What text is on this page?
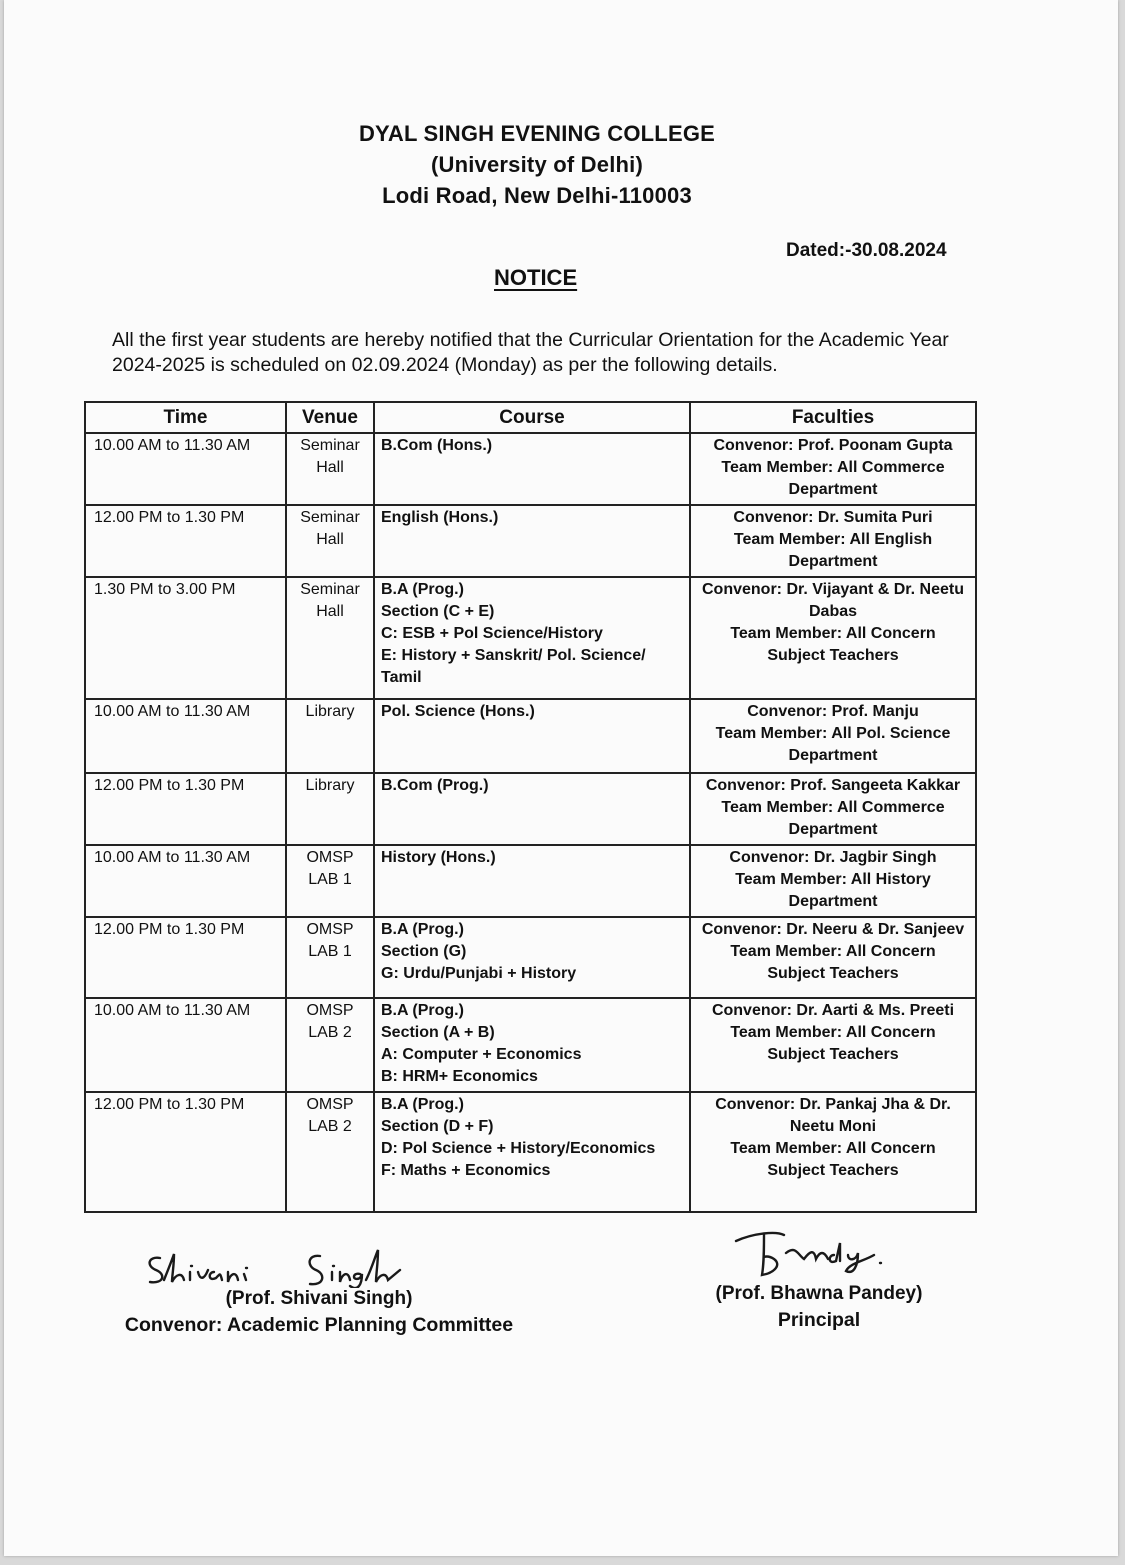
DYAL SINGH EVENING COLLEGE
(University of Delhi)
Lodi Road, New Delhi-110003
Dated:-30.08.2024
NOTICE
All the first year students are hereby notified that the Curricular Orientation for the Academic Year 2024-2025 is scheduled on 02.09.2024 (Monday) as per the following details.
Time	Venue	Course	Faculties
10.00 AM to 11.30 AM	Seminar
Hall	B.Com (Hons.)	Convenor: Prof. Poonam Gupta
Team Member: All Commerce
Department

12.00 PM to 1.30 PM	Seminar
Hall	English (Hons.)	Convenor: Dr. Sumita Puri
Team Member: All English
Department

1.30 PM to 3.00 PM	Seminar
Hall	B.A (Prog.)
Section (C + E)
C: ESB + Pol Science/History
E: History + Sanskrit/ Pol. Science/
Tamil	Convenor: Dr. Vijayant & Dr. Neetu
Dabas
Team Member: All Concern
Subject Teachers

10.00 AM to 11.30 AM	Library	Pol. Science (Hons.)	Convenor: Prof. Manju
Team Member: All Pol. Science
Department

12.00 PM to 1.30 PM	Library	B.Com (Prog.)	Convenor: Prof. Sangeeta Kakkar
Team Member: All Commerce
Department

10.00 AM to 11.30 AM	OMSP
LAB 1	History (Hons.)	Convenor: Dr. Jagbir Singh
Team Member: All History
Department

12.00 PM to 1.30 PM	OMSP
LAB 1	B.A (Prog.)
Section (G)
G: Urdu/Punjabi + History	Convenor: Dr. Neeru & Dr. Sanjeev
Team Member: All Concern
Subject Teachers

10.00 AM to 11.30 AM	OMSP
LAB 2	B.A (Prog.)
Section (A + B)
A: Computer + Economics
B: HRM+ Economics	Convenor: Dr. Aarti & Ms. Preeti
Team Member: All Concern
Subject Teachers

12.00 PM to 1.30 PM	OMSP
LAB 2	B.A (Prog.)
Section (D + F)
D: Pol Science + History/Economics
F: Maths + Economics	Convenor: Dr. Pankaj Jha & Dr.
Neetu Moni
Team Member: All Concern
Subject Teachers
(Prof. Shivani Singh)
Convenor: Academic Planning Committee
(Prof. Bhawna Pandey)
Principal
